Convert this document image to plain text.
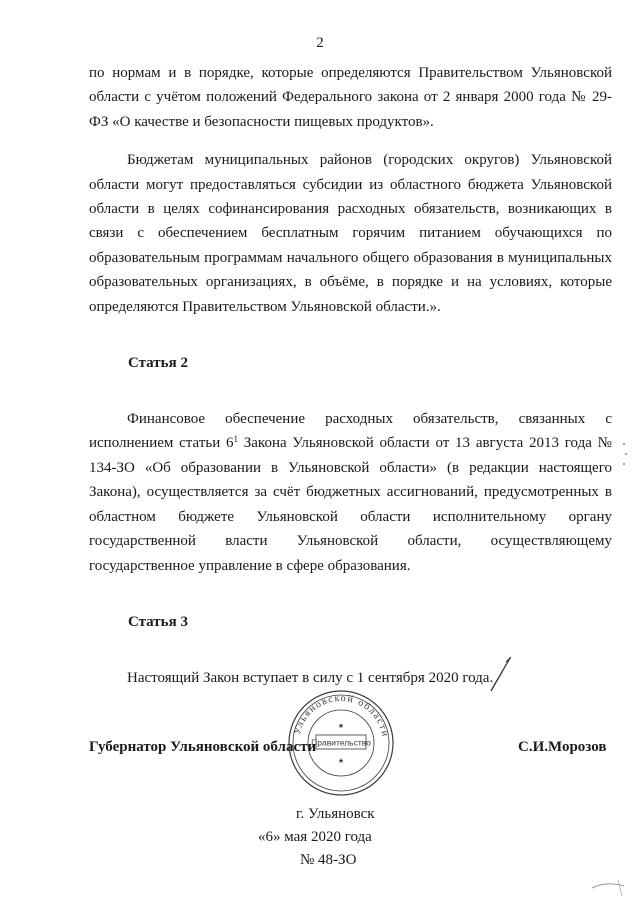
2

по нормам и в порядке, которые определяются Правительством Ульяновской области с учётом положений Федерального закона от 2 января 2000 года № 29-ФЗ «О качестве и безопасности пищевых продуктов».

Бюджетам муниципальных районов (городских округов) Ульяновской области могут предоставляться субсидии из областного бюджета Ульяновской области в целях софинансирования расходных обязательств, возникающих в связи с обеспечением бесплатным горячим питанием обучающихся по образовательным программам начального общего образования в муниципальных образовательных организациях, в объёме, в порядке и на условиях, которые определяются Правительством Ульяновской области.».

Статья 2

Финансовое обеспечение расходных обязательств, связанных с исполнением статьи $6^1$ Закона Ульяновской области от 13 августа 2013 года № 134-ЗО «Об образовании в Ульяновской области» (в редакции настоящего Закона), осуществляется за счёт бюджетных ассигнований, предусмотренных в областном бюджете Ульяновской области исполнительному органу государственной власти Ульяновской области, осуществляющему государственное управление в сфере образования.

Статья 3

Настоящий Закон вступает в силу с 1 сентября 2020 года.

Губернатор Ульяновской области	С.И.Морозов
Ульяновской области
Правительство
★
★
г. Ульяновск
«6» мая 2020 года
№ 48-ЗО
